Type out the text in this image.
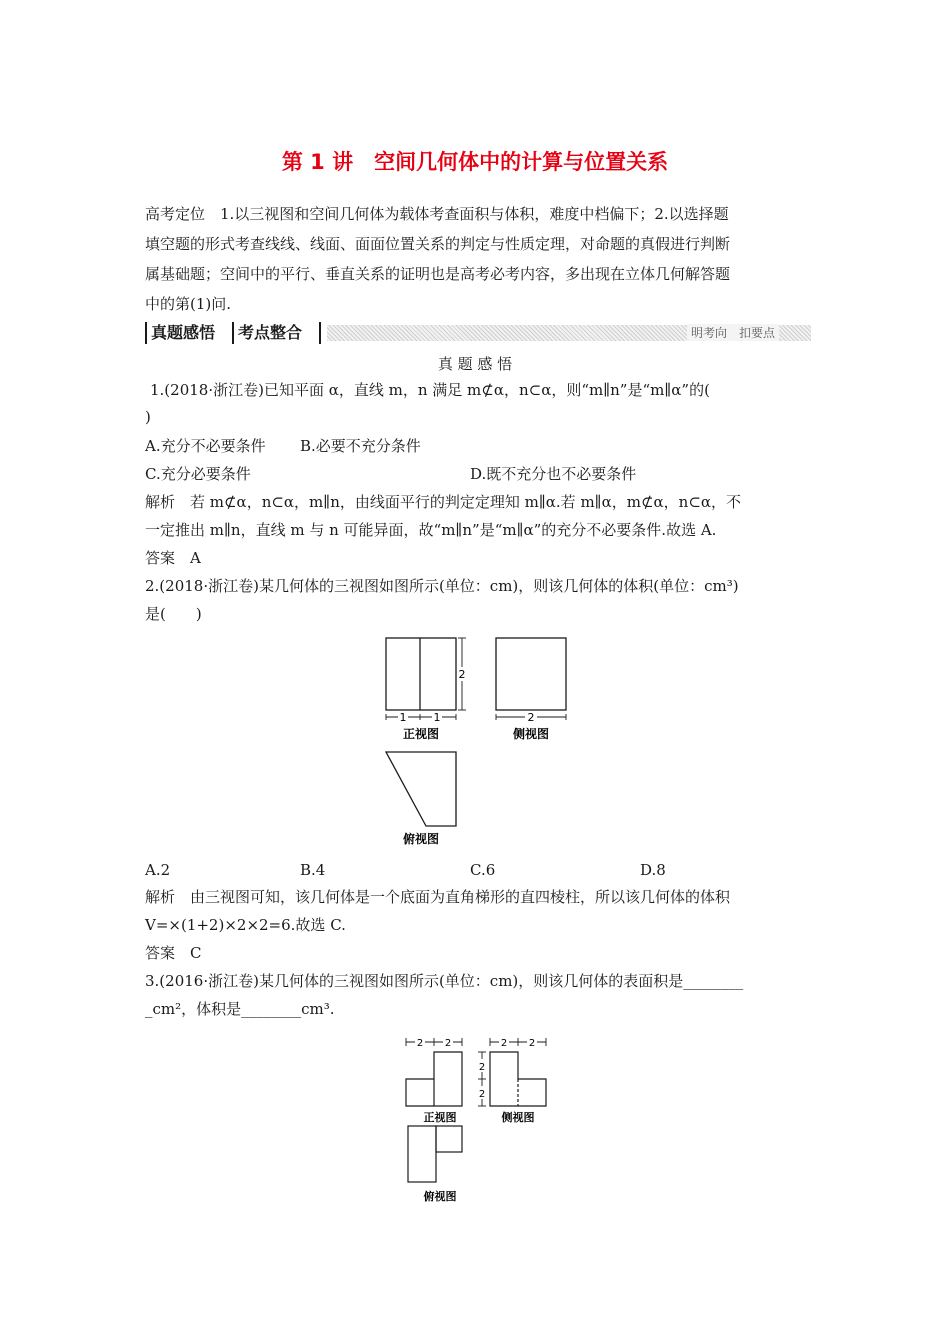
第 1 讲　空间几何体中的计算与位置关系
高考定位　1.以三视图和空间几何体为载体考查面积与体积，难度中档偏下；2.以选择题
填空题的形式考查线线、线面、面面位置关系的判定与性质定理，对命题的真假进行判断
属基础题；空间中的平行、垂直关系的证明也是高考必考内容，多出现在立体几何解答题
中的第(1)问.
真题感悟 考点整合	明考向　扣要点
真 题 感 悟
1.(2018·浙江卷)已知平面 α，直线 m，n 满足 m⊄α，n⊂α，则“m∥n”是“m∥α”的(
)
A.充分不必要条件 B.必要不充分条件
C.充分必要条件	D.既不充分也不必要条件
解析　若 m⊄α，n⊂α，m∥n，由线面平行的判定定理知 m∥α.若 m∥α，m⊄α，n⊂α，不
一定推出 m∥n，直线 m 与 n 可能异面，故“m∥n”是“m∥α”的充分不必要条件.故选 A.
答案　A
2.(2018·浙江卷)某几何体的三视图如图所示(单位：cm)，则该几何体的体积(单位：cm³)
是(　　)
2
1 1	2
正视图	侧视图
俯视图
A.2	B.4	C.6	D.8
解析　由三视图可知，该几何体是一个底面为直角梯形的直四棱柱，所以该几何体的体积
V=×(1+2)×2×2=6.故选 C.
答案　C
3.(2016·浙江卷)某几何体的三视图如图所示(单位：cm)，则该几何体的表面积是________
_cm²，体积是________cm³.
2 2	2 2
2
2
正视图	侧视图
俯视图
